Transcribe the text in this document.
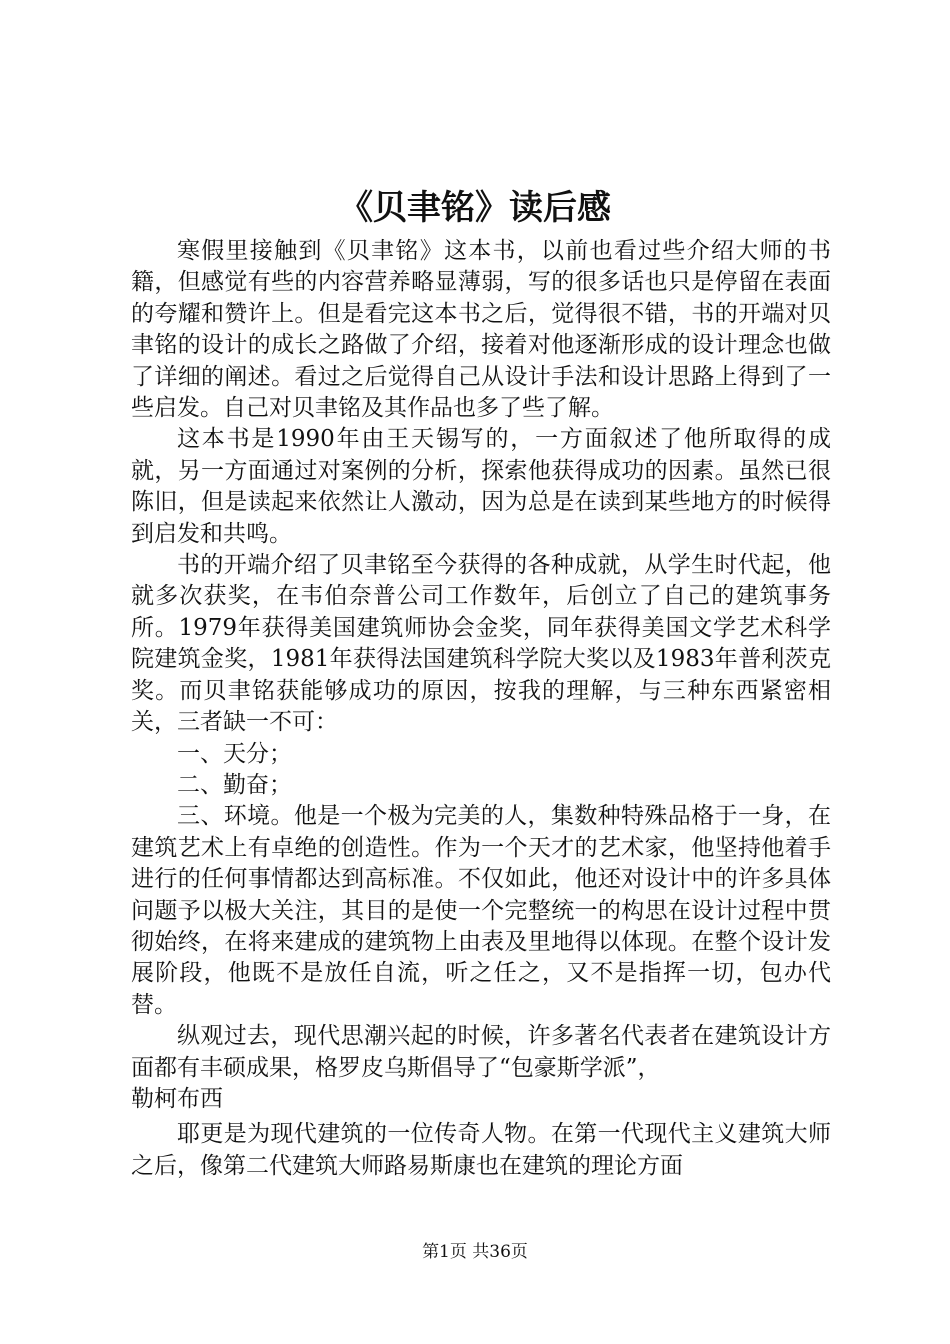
《贝聿铭》读后感

寒假里接触到《贝聿铭》这本书，以前也看过些介绍大师的书籍，但感觉有些的内容营养略显薄弱，写的很多话也只是停留在表面的夸耀和赞许上。但是看完这本书之后，觉得很不错，书的开端对贝聿铭的设计的成长之路做了介绍，接着对他逐渐形成的设计理念也做了详细的阐述。看过之后觉得自己从设计手法和设计思路上得到了一些启发。自己对贝聿铭及其作品也多了些了解。

这本书是1990年由王天锡写的，一方面叙述了他所取得的成就，另一方面通过对案例的分析，探索他获得成功的因素。虽然已很陈旧，但是读起来依然让人激动，因为总是在读到某些地方的时候得到启发和共鸣。

书的开端介绍了贝聿铭至今获得的各种成就，从学生时代起，他就多次获奖，在韦伯奈普公司工作数年，后创立了自己的建筑事务所。1979年获得美国建筑师协会金奖，同年获得美国文学艺术科学院建筑金奖，1981年获得法国建筑科学院大奖以及1983年普利茨克奖。而贝聿铭获能够成功的原因，按我的理解，与三种东西紧密相关，三者缺一不可：

一、天分；

二、勤奋；

三、环境。他是一个极为完美的人，集数种特殊品格于一身，在建筑艺术上有卓绝的创造性。作为一个天才的艺术家，他坚持他着手进行的任何事情都达到高标准。不仅如此，他还对设计中的许多具体问题予以极大关注，其目的是使一个完整统一的构思在设计过程中贯彻始终，在将来建成的建筑物上由表及里地得以体现。在整个设计发展阶段，他既不是放任自流，听之任之，又不是指挥一切，包办代替。

纵观过去，现代思潮兴起的时候，许多著名代表者在建筑设计方面都有丰硕成果，格罗皮乌斯倡导了“包豪斯学派”，

勒柯布西

耶更是为现代建筑的一位传奇人物。在第一代现代主义建筑大师之后，像第二代建筑大师路易斯康也在建筑的理论方面

第1页 共36页
